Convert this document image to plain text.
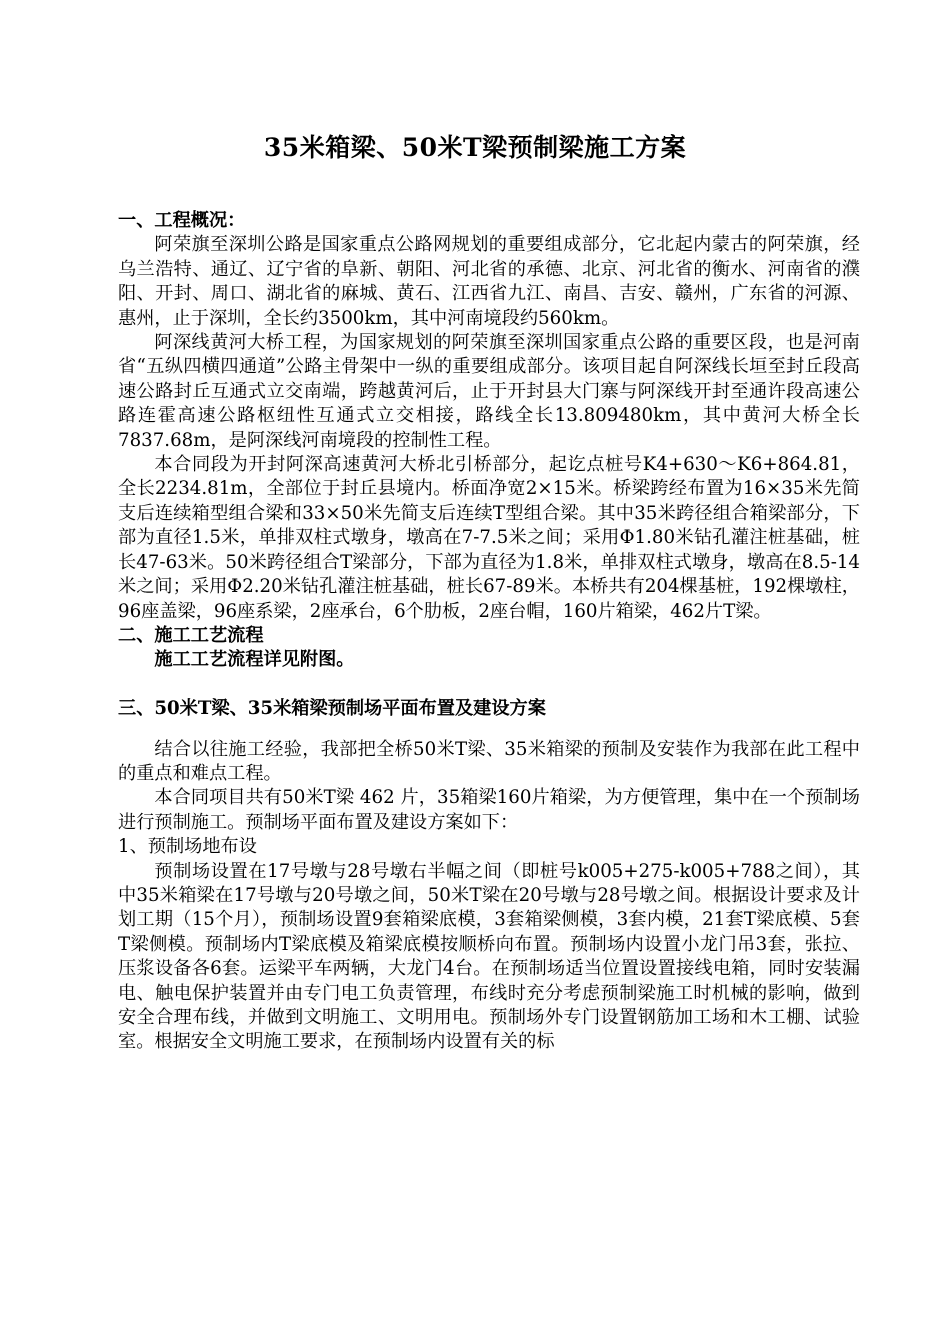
35米箱梁、50米T梁预制梁施工方案

一、工程概况：

阿荣旗至深圳公路是国家重点公路网规划的重要组成部分，它北起内蒙古的阿荣旗，经乌兰浩特、通辽、辽宁省的阜新、朝阳、河北省的承德、北京、河北省的衡水、河南省的濮阳、开封、周口、湖北省的麻城、黄石、江西省九江、南昌、吉安、赣州，广东省的河源、惠州，止于深圳，全长约3500km，其中河南境段约560km。

阿深线黄河大桥工程，为国家规划的阿荣旗至深圳国家重点公路的重要区段，也是河南省“五纵四横四通道”公路主骨架中一纵的重要组成部分。该项目起自阿深线长垣至封丘段高速公路封丘互通式立交南端，跨越黄河后，止于开封县大门寨与阿深线开封至通许段高速公路连霍高速公路枢纽性互通式立交相接，路线全长13.809480km，其中黄河大桥全长7837.68m，是阿深线河南境段的控制性工程。

本合同段为开封阿深高速黄河大桥北引桥部分，起讫点桩号K4+630～K6+864.81，全长2234.81m，全部位于封丘县境内。桥面净宽2×15米。桥梁跨经布置为16×35米先简支后连续箱型组合梁和33×50米先简支后连续T型组合梁。其中35米跨径组合箱梁部分，下部为直径1.5米，单排双柱式墩身，墩高在7-7.5米之间；采用Φ1.80米钻孔灌注桩基础，桩长47-63米。50米跨径组合T梁部分，下部为直径为1.8米，单排双柱式墩身，墩高在8.5-14米之间；采用Φ2.20米钻孔灌注桩基础，桩长67-89米。本桥共有204棵基桩，192棵墩柱，96座盖梁，96座系梁，2座承台，6个肋板，2座台帽，160片箱梁，462片T梁。

二、施工工艺流程

施工工艺流程详见附图。

三、50米T梁、35米箱梁预制场平面布置及建设方案

结合以往施工经验，我部把全桥50米T梁、35米箱梁的预制及安装作为我部在此工程中的重点和难点工程。

本合同项目共有50米T梁 462 片，35箱梁160片箱梁，为方便管理，集中在一个预制场进行预制施工。预制场平面布置及建设方案如下：

1、预制场地布设

预制场设置在17号墩与28号墩右半幅之间（即桩号k005+275-k005+788之间），其中35米箱梁在17号墩与20号墩之间，50米T梁在20号墩与28号墩之间。根据设计要求及计划工期（15个月），预制场设置9套箱梁底模，3套箱梁侧模，3套内模，21套T梁底模、5套T梁侧模。预制场内T梁底模及箱梁底模按顺桥向布置。预制场内设置小龙门吊3套，张拉、压浆设备各6套。运梁平车两辆，大龙门4台。在预制场适当位置设置接线电箱，同时安装漏电、触电保护装置并由专门电工负责管理，布线时充分考虑预制梁施工时机械的影响，做到安全合理布线，并做到文明施工、文明用电。预制场外专门设置钢筋加工场和木工棚、试验室。根据安全文明施工要求，在预制场内设置有关的标
